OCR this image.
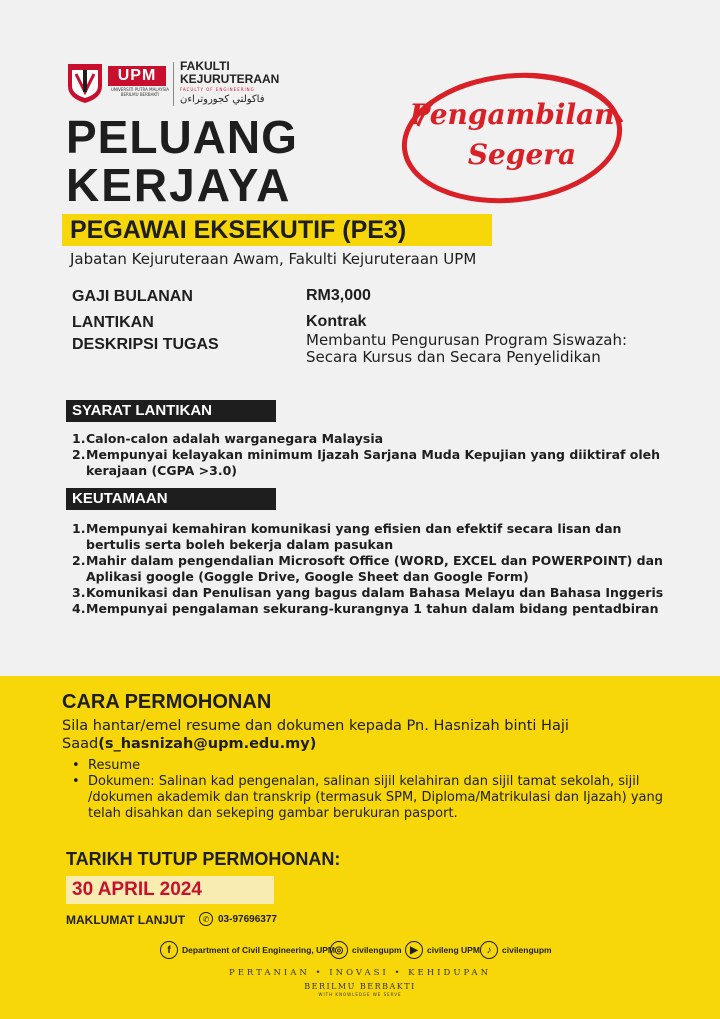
UPM
UNIVERSITI PUTRA MALAYSIA
BERILMU BERBAKTI
FAKULTI
KEJURUTERAAN
FACULTY OF ENGINEERING
فاکولتي کجوروتراءن
PELUANG
KERJAYA
Pengambilan
Segera
PEGAWAI EKSEKUTIF (PE3)
Jabatan Kejuruteraan Awam, Fakulti Kejuruteraan UPM
GAJI BULANAN	RM3,000
LANTIKAN	Kontrak
DESKRIPSI TUGAS	Membantu Pengurusan Program Siswazah: Secara Kursus dan Secara Penyelidikan
SYARAT LANTIKAN
1. Calon-calon adalah warganegara Malaysia
2. Mempunyai kelayakan minimum Ijazah Sarjana Muda Kepujian yang diiktiraf oleh kerajaan (CGPA >3.0)
KEUTAMAAN
1. Mempunyai kemahiran komunikasi yang efisien dan efektif secara lisan dan bertulis serta boleh bekerja dalam pasukan
2. Mahir dalam pengendalian Microsoft Office (WORD, EXCEL dan POWERPOINT) dan Aplikasi google (Goggle Drive, Google Sheet dan Google Form)
3. Komunikasi dan Penulisan yang bagus dalam Bahasa Melayu dan Bahasa Inggeris
4. Mempunyai pengalaman sekurang-kurangnya 1 tahun dalam bidang pentadbiran
CARA PERMOHONAN
Sila hantar/emel resume dan dokumen kepada Pn. Hasnizah binti Haji Saad(s_hasnizah@upm.edu.my)
• Resume
• Dokumen: Salinan kad pengenalan, salinan sijil kelahiran dan sijil tamat sekolah, sijil /dokumen akademik dan transkrip (termasuk SPM, Diploma/Matrikulasi dan Ijazah) yang telah disahkan dan sekeping gambar berukuran pasport.
TARIKH TUTUP PERMOHONAN:
30 APRIL 2024
MAKLUMAT LANJUT	✆ 03-97696377
f	Department of Civil Engineering, UPM ◎	civilengupm ▶	civileng UPM ♪	civilengupm
PERTANIAN • INOVASI • KEHIDUPAN
BERILMU BERBAKTI
WITH KNOWLEDGE WE SERVE
